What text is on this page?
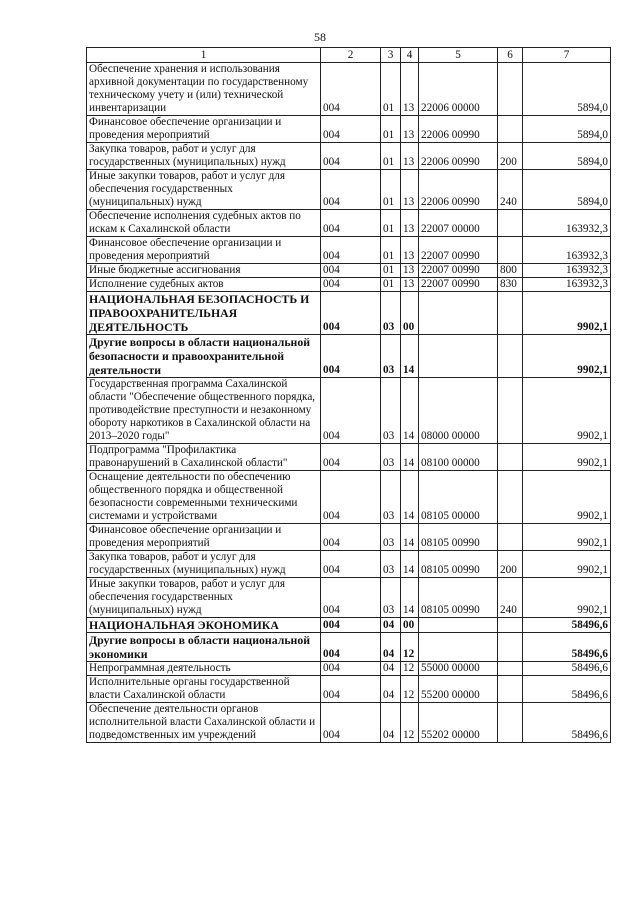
58
1	2	3	4	5	6	7
Обеспечение хранения и использования архивной документации по государственному техническому учету и (или) технической инвентаризации	004	01	13	22006 00000		5894,0
Финансовое обеспечение организации и проведения мероприятий	004	01	13	22006 00990		5894,0
Закупка товаров, работ и услуг для государственных (муниципальных) нужд	004	01	13	22006 00990	200	5894,0
Иные закупки товаров, работ и услуг для обеспечения государственных (муниципальных) нужд	004	01	13	22006 00990	240	5894,0
Обеспечение исполнения судебных актов по искам к Сахалинской области	004	01	13	22007 00000		163932,3
Финансовое обеспечение организации и проведения мероприятий	004	01	13	22007 00990		163932,3
Иные бюджетные ассигнования	004	01	13	22007 00990	800	163932,3
Исполнение судебных актов	004	01	13	22007 00990	830	163932,3
НАЦИОНАЛЬНАЯ БЕЗОПАСНОСТЬ И ПРАВООХРАНИТЕЛЬНАЯ ДЕЯТЕЛЬНОСТЬ	004	03	00			9902,1
Другие вопросы в области национальной безопасности и правоохранительной деятельности	004	03	14			9902,1
Государственная программа Сахалинской области "Обеспечение общественного порядка, противодействие преступности и незаконному обороту наркотиков в Сахалинской области на 2013–2020 годы"	004	03	14	08000 00000		9902,1
Подпрограмма "Профилактика правонарушений в Сахалинской области"	004	03	14	08100 00000		9902,1
Оснащение деятельности по обеспечению общественного порядка и общественной безопасности современными техническими системами и устройствами	004	03	14	08105 00000		9902,1
Финансовое обеспечение организации и проведения мероприятий	004	03	14	08105 00990		9902,1
Закупка товаров, работ и услуг для государственных (муниципальных) нужд	004	03	14	08105 00990	200	9902,1
Иные закупки товаров, работ и услуг для обеспечения государственных (муниципальных) нужд	004	03	14	08105 00990	240	9902,1
НАЦИОНАЛЬНАЯ ЭКОНОМИКА	004	04	00			58496,6
Другие вопросы в области национальной экономики	004	04	12			58496,6
Непрограммная деятельность	004	04	12	55000 00000		58496,6
Исполнительные органы государственной власти Сахалинской области	004	04	12	55200 00000		58496,6
Обеспечение деятельности органов исполнительной власти Сахалинской области и подведомственных им учреждений	004	04	12	55202 00000		58496,6
